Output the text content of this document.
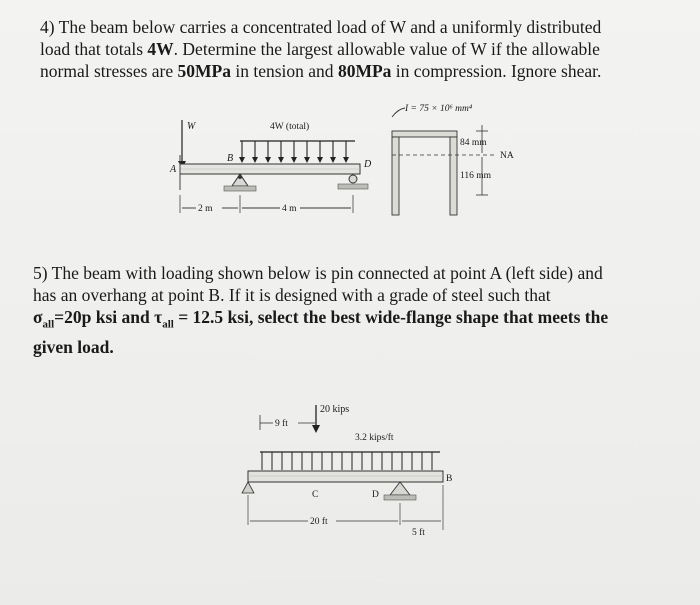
4) The beam below carries a concentrated load of W and a uniformly distributed
load that totals 4W. Determine the largest allowable value of W if the allowable
normal stresses are 50MPa in tension and 80MPa in compression. Ignore shear.
W	4W (total)
A
B
D
2 m	4 m
I = 75 × 10⁶ mm⁴
NA
84 mm
116 mm
5) The beam with loading shown below is pin connected at point A (left side) and
has an overhang at point B. If it is designed with a grade of steel such that
$\sigma_{all}=20p$ ksi and $\tau_{all} = 12.5$ ksi, select the best wide-flange shape that meets the
given load.
20 kips
9 ft
3.2 kips/ft
B
C	D
20 ft
5 ft
